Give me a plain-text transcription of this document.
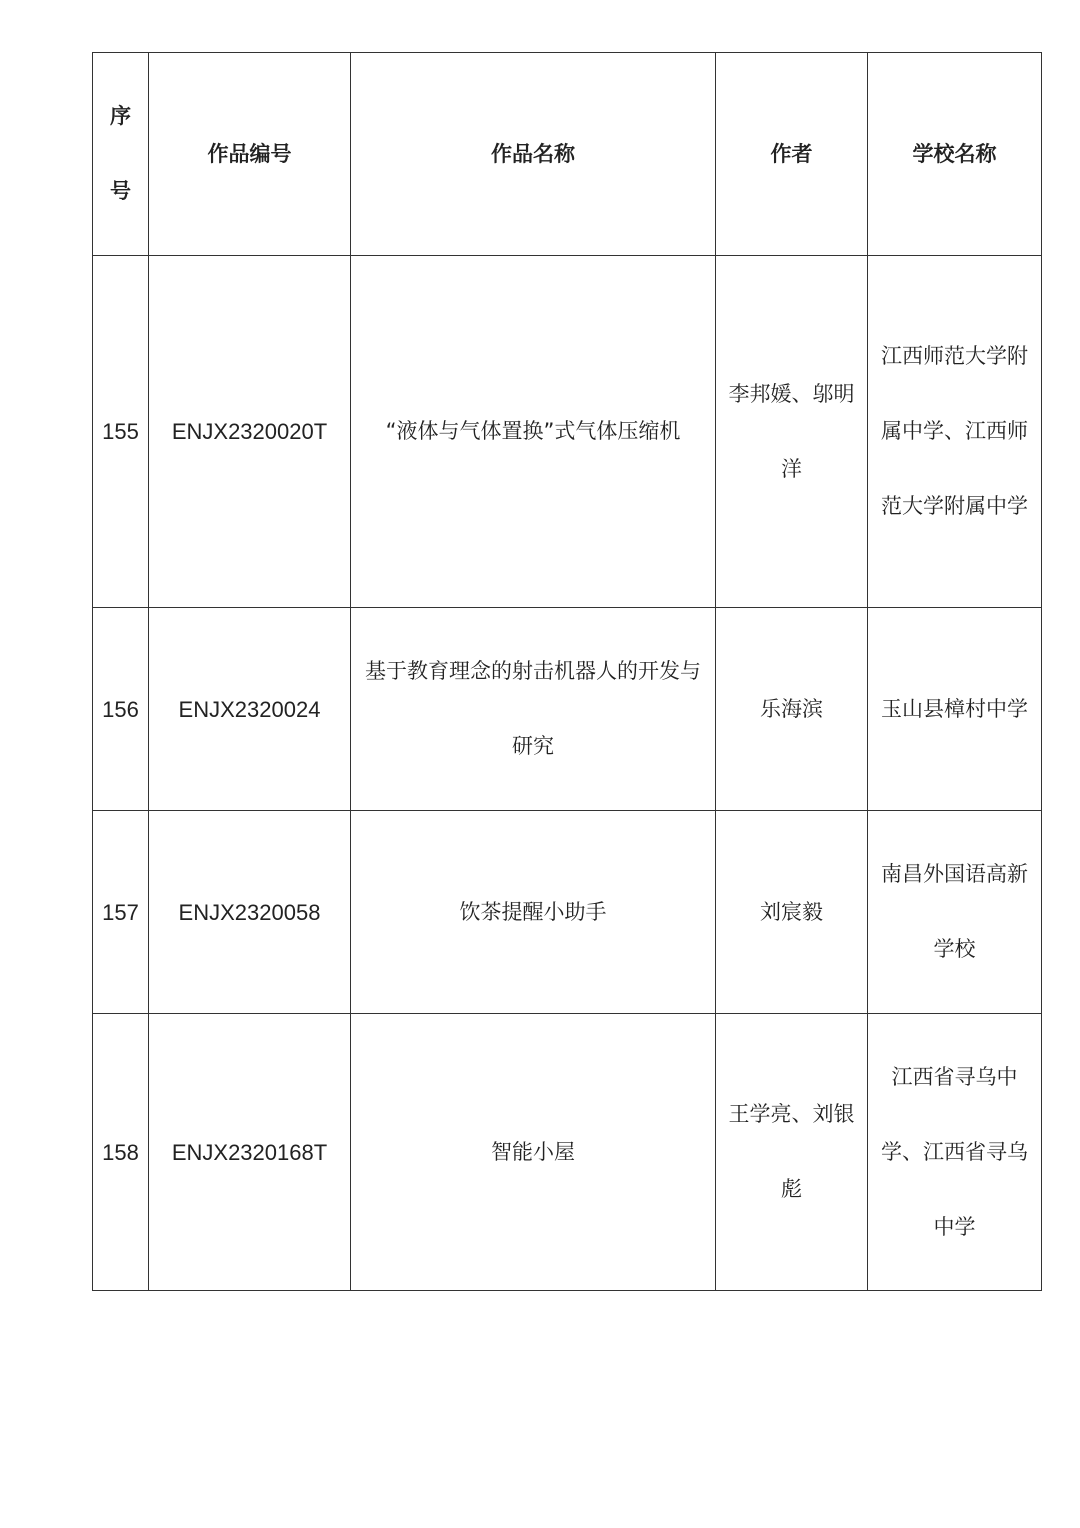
序号	作品编号	作品名称	作者	学校名称
155	ENJX2320020T	“液体与气体置换”式气体压缩机	李邦媛、邬明洋	江西师范大学附属中学、江西师范大学附属中学
156	ENJX2320024	基于教育理念的射击机器人的开发与研究	乐海滨	玉山县樟村中学
157	ENJX2320058	饮茶提醒小助手	刘宸毅	南昌外国语高新学校
158	ENJX2320168T	智能小屋	王学亮、刘银彪	江西省寻乌中学、江西省寻乌中学
